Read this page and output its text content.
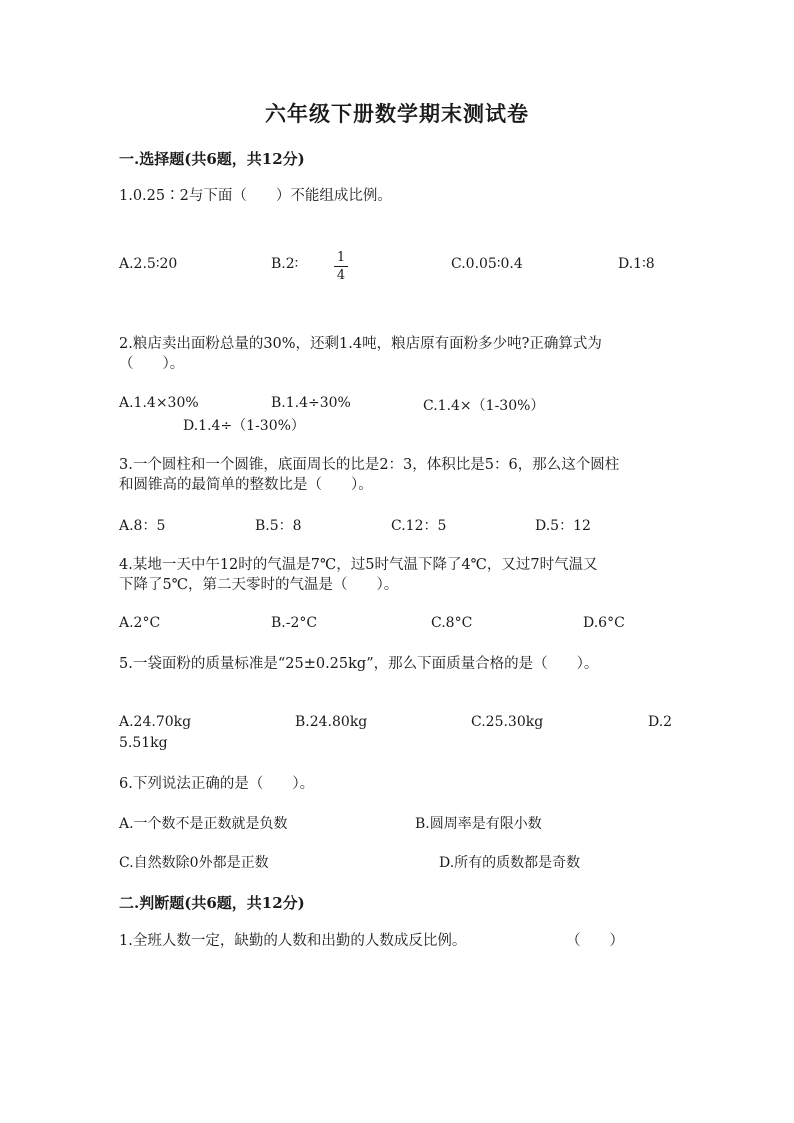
六年级下册数学期末测试卷
一.选择题(共6题，共12分)
1.0.25∶2与下面（　　）不能组成比例。
A.2.5∶20	B.2∶	1
4
C.0.05∶0.4	D.1∶8
2.粮店卖出面粉总量的30%，还剩1.4吨，粮店原有面粉多少吨?正确算式为
（　　）。
A.1.4×30%	B.1.4÷30%	C.1.4×（1-30%）
D.1.4÷（1-30%）
3.一个圆柱和一个圆锥，底面周长的比是2：3，体积比是5：6，那么这个圆柱
和圆锥高的最简单的整数比是（　　）。
A.8：5	B.5：8	C.12：5	D.5：12
4.某地一天中午12时的气温是7℃，过5时气温下降了4℃，又过7时气温又
下降了5℃，第二天零时的气温是（　　）。
A.2°C	B.-2°C	C.8°C	D.6°C
5.一袋面粉的质量标准是“25±0.25kg”，那么下面质量合格的是（　　）。
A.24.70kg	B.24.80kg	C.25.30kg	D.2
5.51kg
6.下列说法正确的是（　　）。
A.一个数不是正数就是负数	B.圆周率是有限小数
C.自然数除0外都是正数	D.所有的质数都是奇数
二.判断题(共6题，共12分)
1.全班人数一定，缺勤的人数和出勤的人数成反比例。	（　　）
